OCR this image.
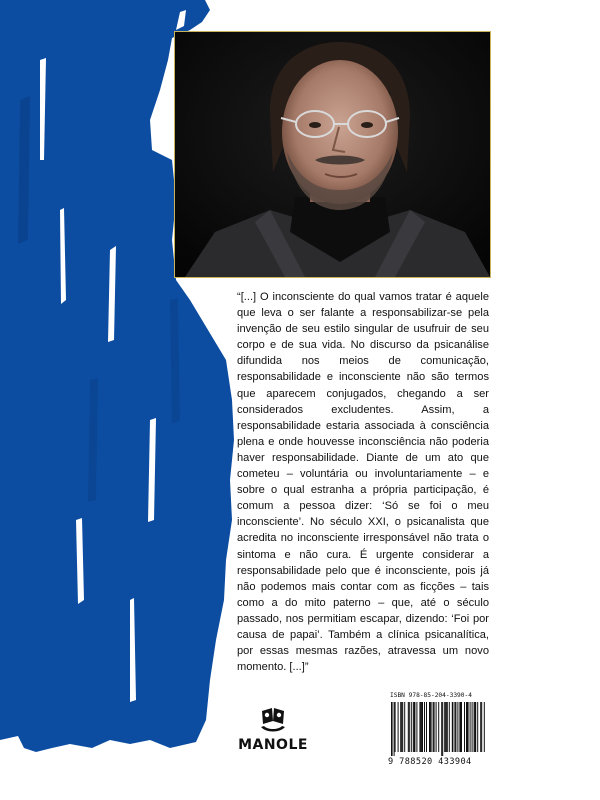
“[...] O inconsciente do qual vamos tratar é aquele que leva o ser falante a responsabilizar-se pela invenção de seu estilo singular de usufruir de seu corpo e de sua vida. No discurso da psicanálise difundida nos meios de comunicação, responsabilidade e inconsciente não são termos que aparecem conjugados, chegando a ser considerados excludentes. Assim, a responsabilidade estaria associada à consciência plena e onde houvesse inconsciência não poderia haver responsabilidade. Diante de um ato que cometeu – voluntária ou involuntariamente – e sobre o qual estranha a própria participação, é comum a pessoa dizer: ‘Só se foi o meu inconsciente’. No século XXI, o psicanalista que acredita no inconsciente irresponsável não trata o sintoma e não cura. É urgente considerar a responsabilidade pelo que é inconsciente, pois já não podemos mais contar com as ficções – tais como a do mito paterno – que, até o século passado, nos permitiam escapar, dizendo: ‘Foi por causa de papai’. Também a clínica psicanalítica, por essas mesmas razões, atravessa um novo momento. [...]”

MANOLE
ISBN 978-85-204-3390-4
9 788520 433904
